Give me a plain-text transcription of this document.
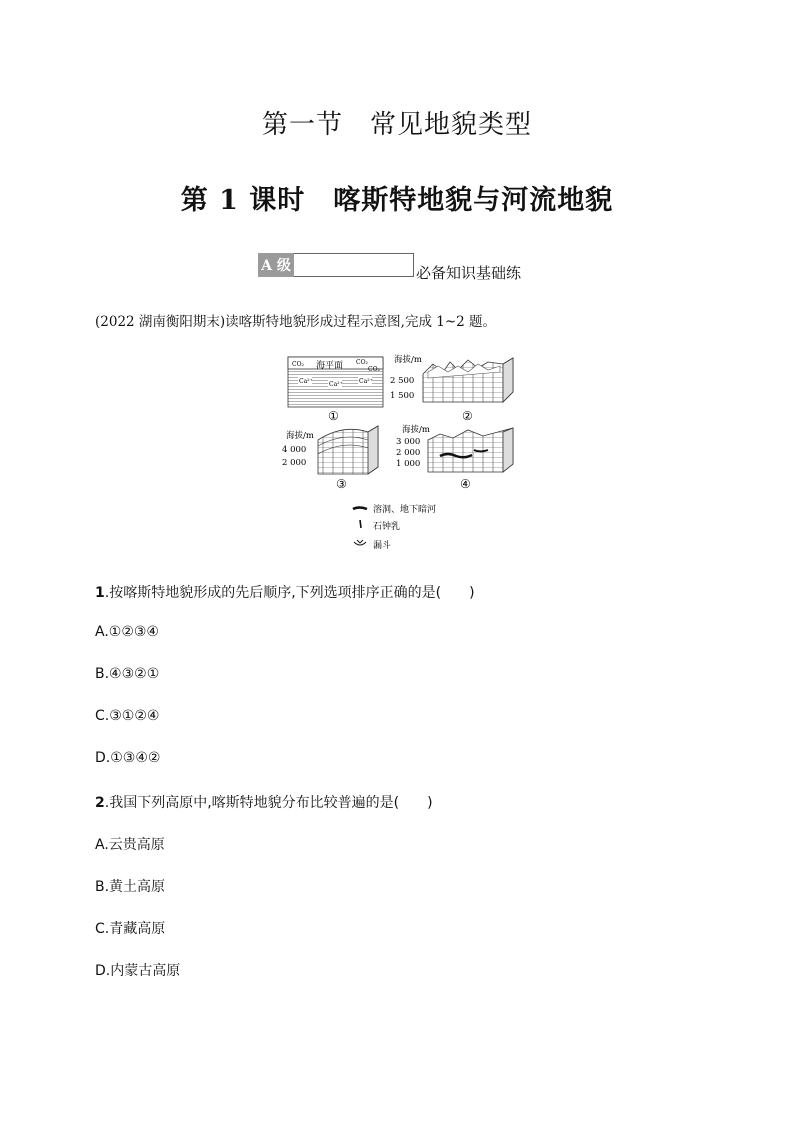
第一节　常见地貌类型
第 1 课时　喀斯特地貌与河流地貌
A 级	必备知识基础练
(2022 湖南衡阳期末)读喀斯特地貌形成过程示意图,完成 1~2 题。
CO₂ 海平面 CO₂
CO₂
Ca²⁺	Ca²⁺	Ca²⁺
①
海拔/m
2 500
1 500
②
海拔/m
4 000
2 000
③
海拔/m
3 000
2 000
1 000
④
溶洞、地下暗河
石钟乳
漏斗
1.按喀斯特地貌形成的先后顺序,下列选项排序正确的是(　　)
A.①②③④
B.④③②①
C.③①②④
D.①③④②
2.我国下列高原中,喀斯特地貌分布比较普遍的是(　　)
A.云贵高原
B.黄土高原
C.青藏高原
D.内蒙古高原
